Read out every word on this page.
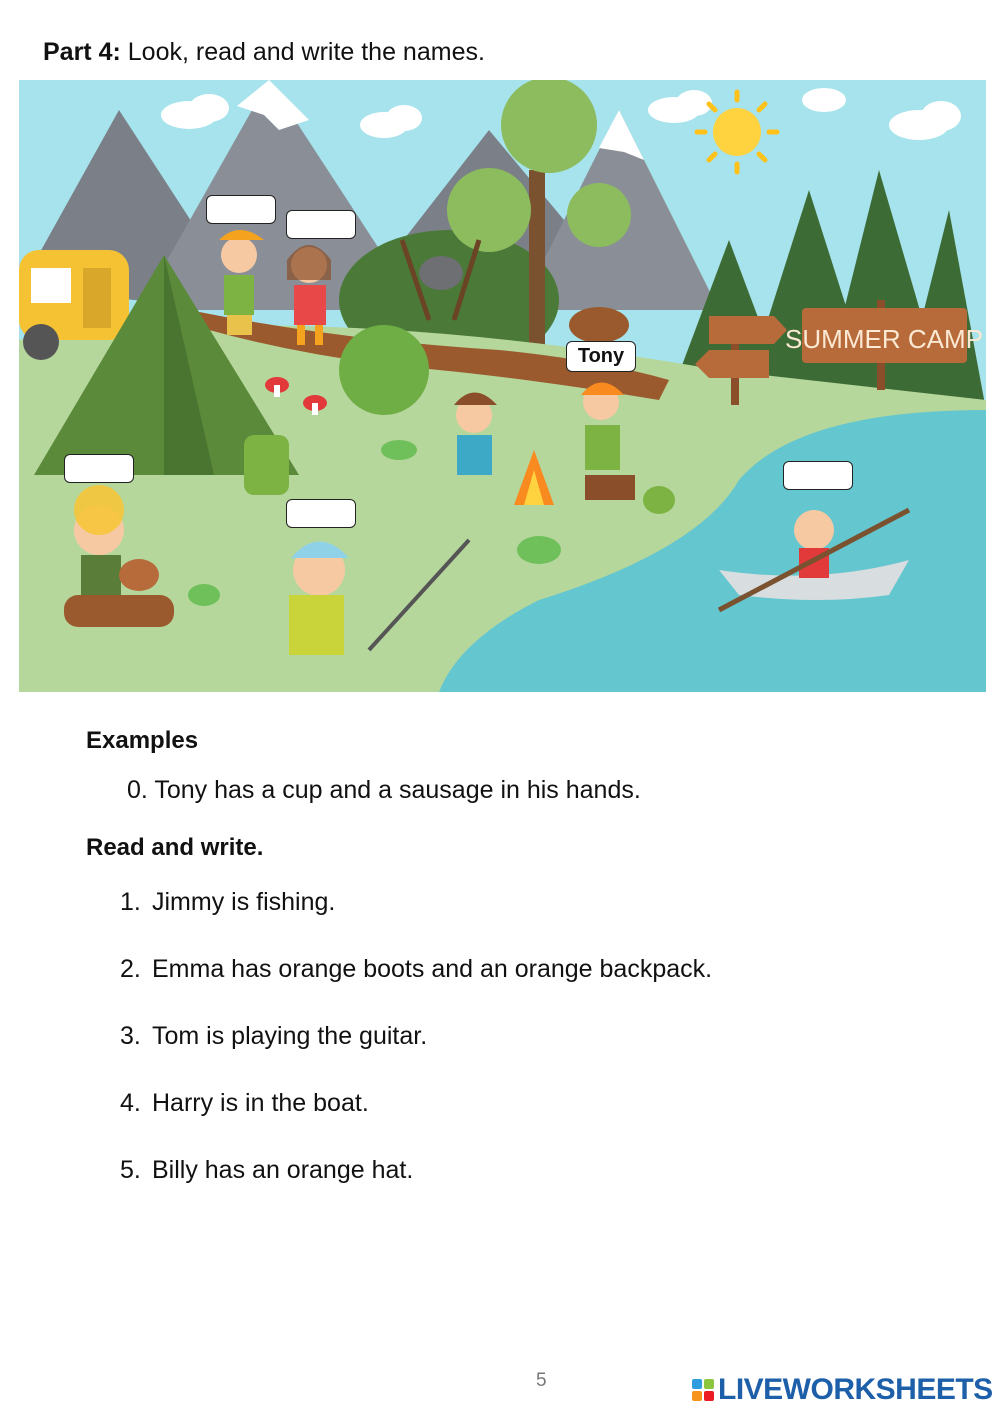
Part 4: Look, read and write the names.
SUMMER CAMP
Tony
Examples
0. Tony has a cup and a sausage in his hands.
Read and write.
1. Jimmy is fishing.
2. Emma has orange boots and an orange backpack.
3. Tom is playing the guitar.
4. Harry is in the boat.
5. Billy has an orange hat.
5	LIVEWORKSHEETS
